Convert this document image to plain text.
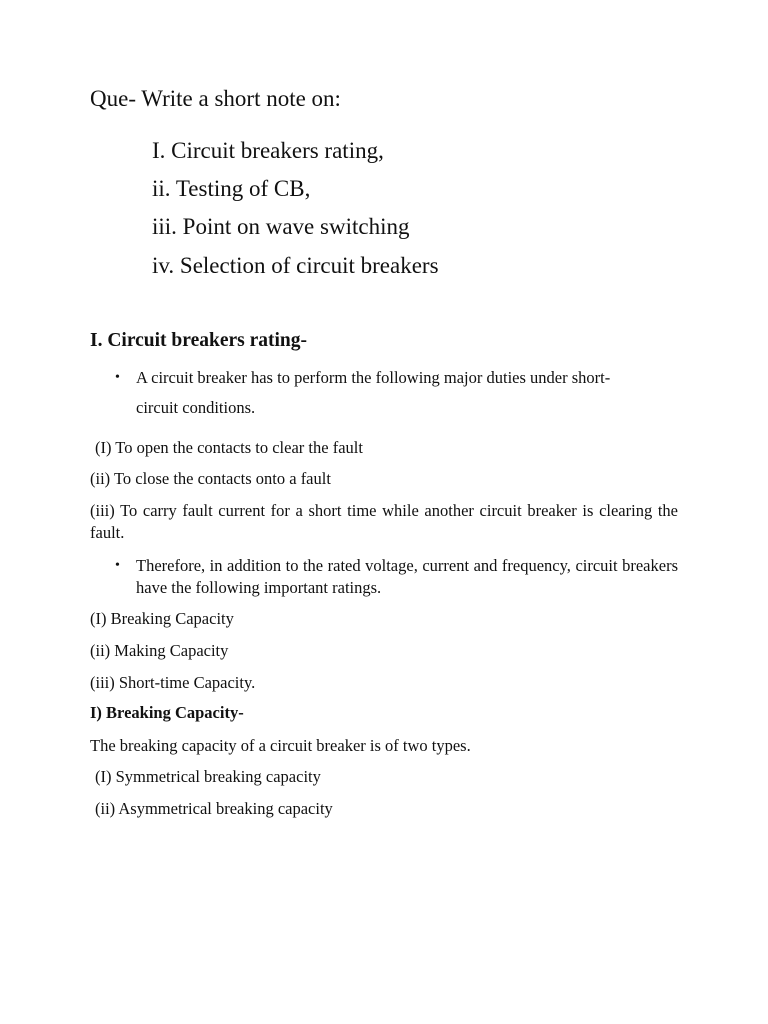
Que- Write a short note on:

I. Circuit breakers rating,

ii. Testing of CB,

iii. Point on wave switching

iv. Selection of circuit breakers

I. Circuit breakers rating-

• A circuit breaker has to perform the following major duties under short-

circuit conditions.

(I) To open the contacts to clear the fault

(ii) To close the contacts onto a fault

(iii) To carry fault current for a short time while another circuit breaker is clearing the fault.

• Therefore, in addition to the rated voltage, current and frequency, circuit breakers have the following important ratings.

(I) Breaking Capacity

(ii) Making Capacity

(iii) Short-time Capacity.

I) Breaking Capacity-

The breaking capacity of a circuit breaker is of two types.

(I) Symmetrical breaking capacity

(ii) Asymmetrical breaking capacity
